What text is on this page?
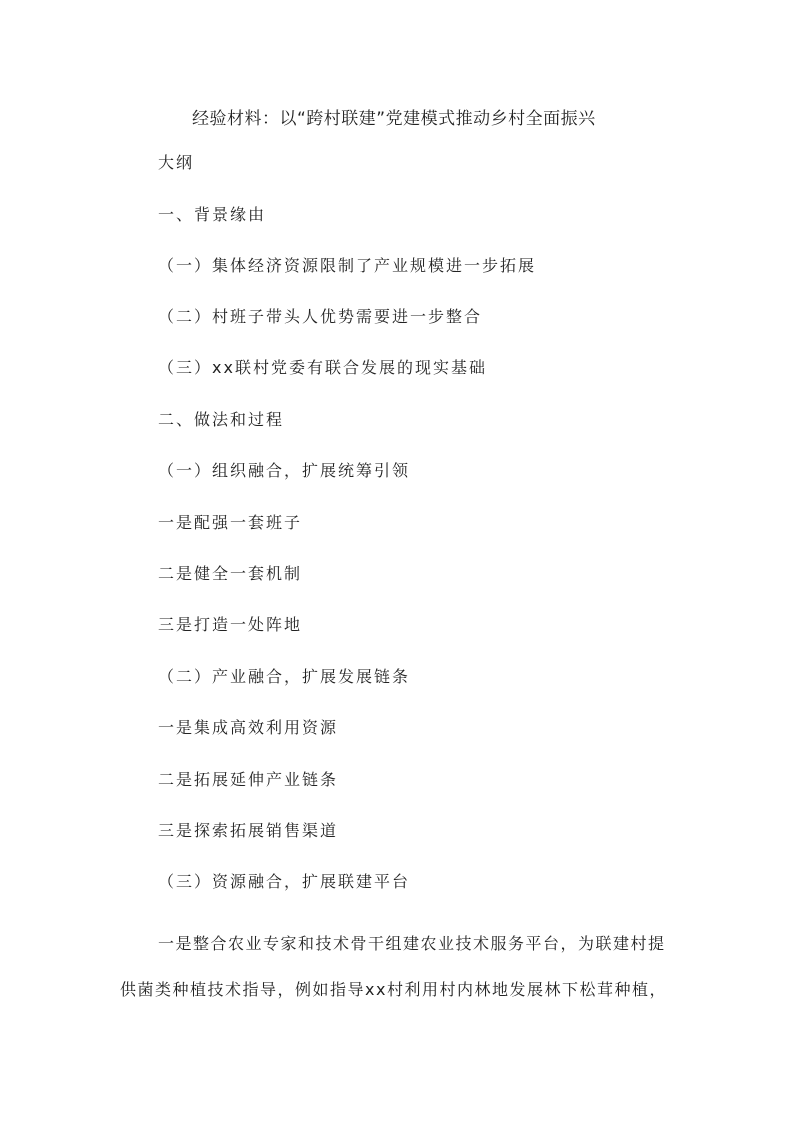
经验材料：以“跨村联建”党建模式推动乡村全面振兴
大纲
一、背景缘由
（一）集体经济资源限制了产业规模进一步拓展
（二）村班子带头人优势需要进一步整合
（三）xx联村党委有联合发展的现实基础
二、做法和过程
（一）组织融合，扩展统筹引领
一是配强一套班子
二是健全一套机制
三是打造一处阵地
（二）产业融合，扩展发展链条
一是集成高效利用资源
二是拓展延伸产业链条
三是探索拓展销售渠道
（三）资源融合，扩展联建平台

一是整合农业专家和技术骨干组建农业技术服务平台，为联建村提供菌类种植技术指导，例如指导xx村利用村内林地发展林下松茸种植，
